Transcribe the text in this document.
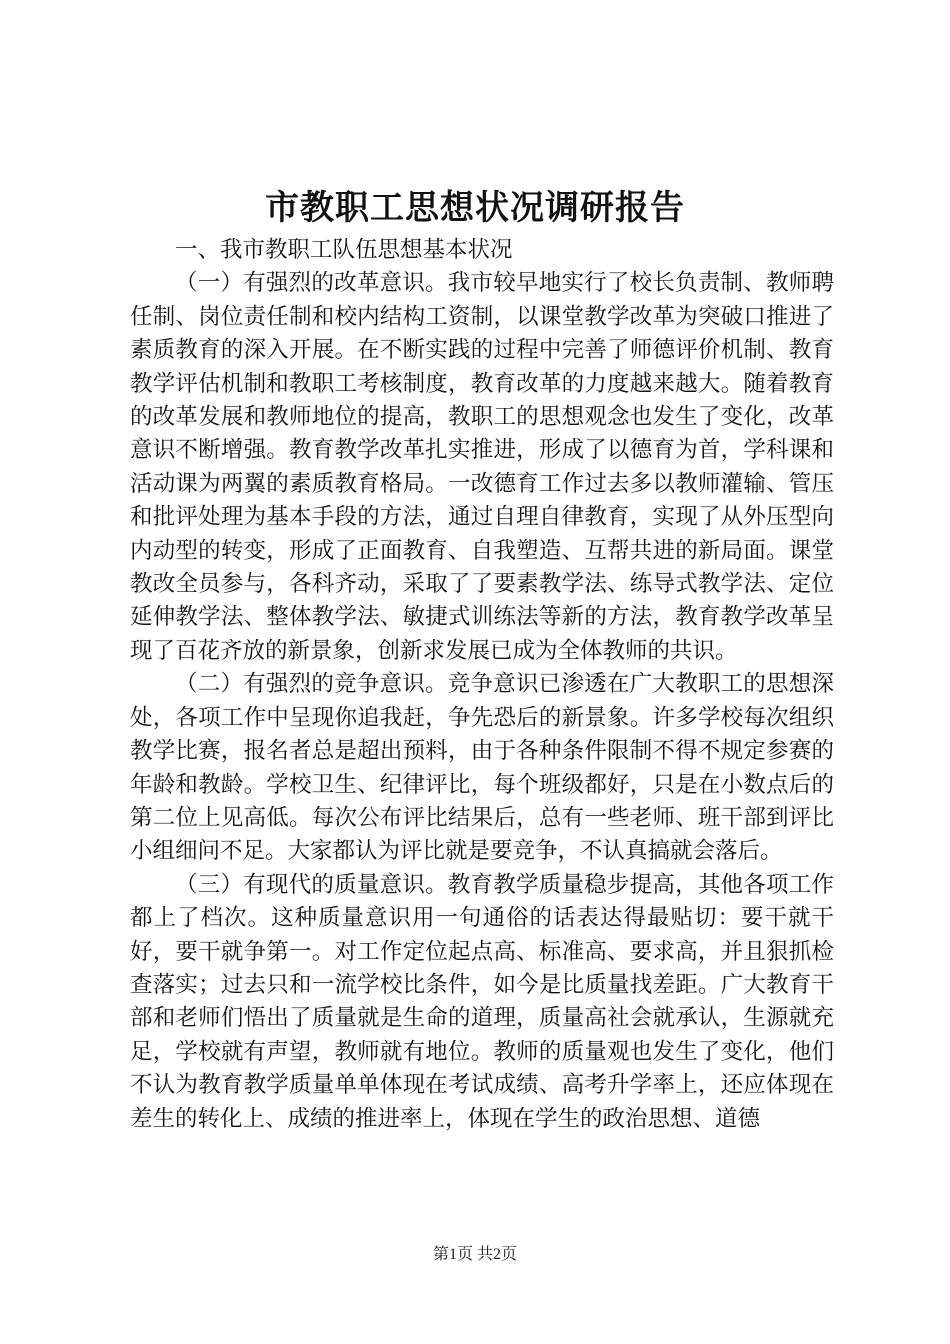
市教职工思想状况调研报告

一、我市教职工队伍思想基本状况

（一）有强烈的改革意识。我市较早地实行了校长负责制、教师聘任制、岗位责任制和校内结构工资制，以课堂教学改革为突破口推进了素质教育的深入开展。在不断实践的过程中完善了师德评价机制、教育教学评估机制和教职工考核制度，教育改革的力度越来越大。随着教育的改革发展和教师地位的提高，教职工的思想观念也发生了变化，改革意识不断增强。教育教学改革扎实推进，形成了以德育为首，学科课和活动课为两翼的素质教育格局。一改德育工作过去多以教师灌输、管压和批评处理为基本手段的方法，通过自理自律教育，实现了从外压型向内动型的转变，形成了正面教育、自我塑造、互帮共进的新局面。课堂教改全员参与，各科齐动，采取了了要素教学法、练导式教学法、定位延伸教学法、整体教学法、敏捷式训练法等新的方法，教育教学改革呈现了百花齐放的新景象，创新求发展已成为全体教师的共识。

（二）有强烈的竞争意识。竞争意识已渗透在广大教职工的思想深处，各项工作中呈现你追我赶，争先恐后的新景象。许多学校每次组织教学比赛，报名者总是超出预料，由于各种条件限制不得不规定参赛的年龄和教龄。学校卫生、纪律评比，每个班级都好，只是在小数点后的第二位上见高低。每次公布评比结果后，总有一些老师、班干部到评比小组细问不足。大家都认为评比就是要竞争，不认真搞就会落后。

（三）有现代的质量意识。教育教学质量稳步提高，其他各项工作都上了档次。这种质量意识用一句通俗的话表达得最贴切：要干就干好，要干就争第一。对工作定位起点高、标准高、要求高，并且狠抓检查落实；过去只和一流学校比条件，如今是比质量找差距。广大教育干部和老师们悟出了质量就是生命的道理，质量高社会就承认，生源就充足，学校就有声望，教师就有地位。教师的质量观也发生了变化，他们不认为教育教学质量单单体现在考试成绩、高考升学率上，还应体现在差生的转化上、成绩的推进率上，体现在学生的政治思想、道德

第1页 共2页
